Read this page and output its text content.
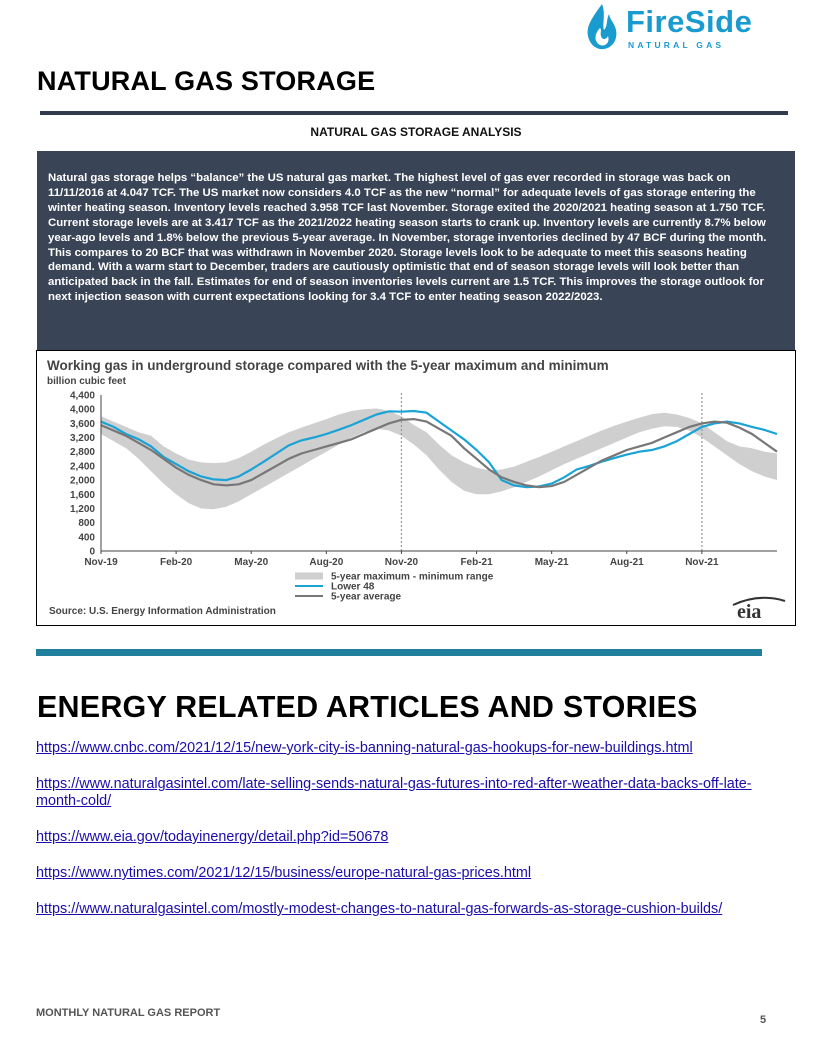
FireSide
NATURAL GAS
NATURAL GAS STORAGE
NATURAL GAS STORAGE ANALYSIS

Natural gas storage helps “balance” the US natural gas market. The highest level of gas ever recorded in storage was back on 11/11/2016 at 4.047 TCF. The US market now considers 4.0 TCF as the new “normal” for adequate levels of gas storage entering the winter heating season. Inventory levels reached 3.958 TCF last November. Storage exited the 2020/2021 heating season at 1.750 TCF. Current storage levels are at 3.417 TCF as the 2021/2022 heating season starts to crank up. Inventory levels are currently 8.7% below year-ago levels and 1.8% below the previous 5-year average. In November, storage inventories declined by 47 BCF during the month. This compares to 20 BCF that was withdrawn in November 2020. Storage levels look to be adequate to meet this seasons heating demand. With a warm start to December, traders are cautiously optimistic that end of season storage levels will look better than anticipated back in the fall. Estimates for end of season inventories levels current are 1.5 TCF. This improves the storage outlook for next injection season with current expectations looking for 3.4 TCF to enter heating season 2022/2023.

Working gas in underground storage compared with the 5-year maximum and minimum
billion cubic feet
0
400
800
1,200
1,600
2,000
2,400
2,800
3,200
3,600
4,000
4,400
Nov-19	Feb-20	May-20	Aug-20	Nov-20	Feb-21	May-21	Aug-21	Nov-21
5-year maximum - minimum range
Lower 48
5-year average
Source: U.S. Energy Information Administration	eia
ENERGY RELATED ARTICLES AND STORIES
https://www.cnbc.com/2021/12/15/new-york-city-is-banning-natural-gas-hookups-for-new-buildings.html
https://www.naturalgasintel.com/late-selling-sends-natural-gas-futures-into-red-after-weather-data-backs-off-late-month-cold/
https://www.eia.gov/todayinenergy/detail.php?id=50678
https://www.nytimes.com/2021/12/15/business/europe-natural-gas-prices.html
https://www.naturalgasintel.com/mostly-modest-changes-to-natural-gas-forwards-as-storage-cushion-builds/
MONTHLY NATURAL GAS REPORT
5
